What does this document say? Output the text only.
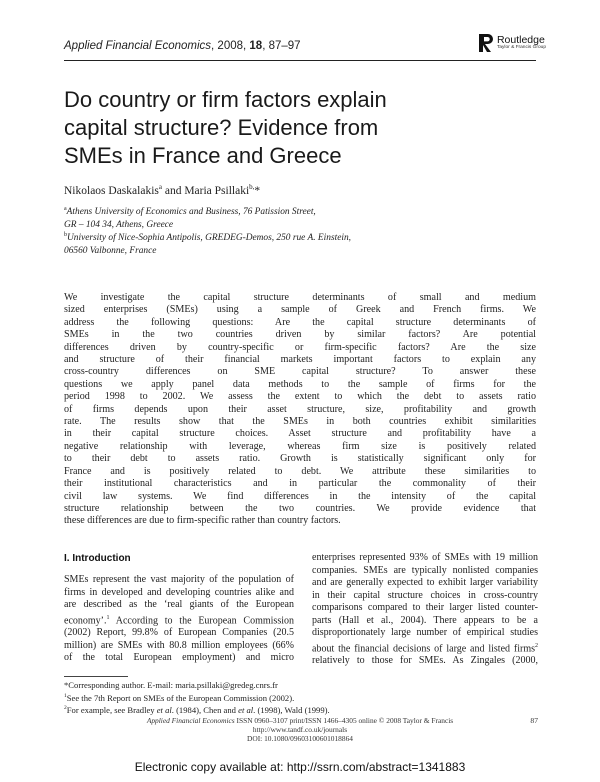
Applied Financial Economics, 2008, 18, 87–97
Routledge
Taylor & Francis Group
Do country or firm factors explain
capital structure? Evidence from
SMEs in France and Greece
Nikolaos Daskalakis$^a$ and Maria Psillaki$^{b,}$*
$^a$Athens University of Economics and Business, 76 Patission Street,
GR – 104 34, Athens, Greece
$^b$University of Nice-Sophia Antipolis, GREDEG-Demos, 250 rue A. Einstein,
06560 Valbonne, France
We investigate the capital structure determinants of small and medium
sized enterprises (SMEs) using a sample of Greek and French firms. We
address the following questions: Are the capital structure determinants of
SMEs in the two countries driven by similar factors? Are potential
differences driven by country-specific or firm-specific factors? Are the size
and structure of their financial markets important factors to explain any
cross-country differences on SME capital structure? To answer these
questions we apply panel data methods to the sample of firms for the
period 1998 to 2002. We assess the extent to which the debt to assets ratio
of firms depends upon their asset structure, size, profitability and growth
rate. The results show that the SMEs in both countries exhibit similarities
in their capital structure choices. Asset structure and profitability have a
negative relationship with leverage, whereas firm size is positively related
to their debt to assets ratio. Growth is statistically significant only for
France and is positively related to debt. We attribute these similarities to
their institutional characteristics and in particular the commonality of their
civil law systems. We find differences in the intensity of the capital
structure relationship between the two countries. We provide evidence that
these differences are due to firm-specific rather than country factors.
I. Introduction
SMEs represent the vast majority of the population of
firms in developed and developing countries alike and
are described as the ‘real giants of the European
economy’.$^1$ According to the European Commission
(2002) Report, 99.8% of European Companies (20.5
million) are SMEs with 80.8 million employees (66%
of the total European employment) and micro
enterprises represented 93% of SMEs with 19 million
companies. SMEs are typically nonlisted companies
and are generally expected to exhibit larger variability
in their capital structure choices in cross-country
comparisons compared to their larger listed counter-
parts (Hall et al., 2004). There appears to be a
disproportionately large number of empirical studies
about the financial decisions of large and listed firms$^2$
relatively to those for SMEs. As Zingales (2000,
*Corresponding author. E-mail: maria.psillaki@gredeg.cnrs.fr
$^1$See the 7th Report on SMEs of the European Commission (2002).
$^2$For example, see Bradley et al. (1984), Chen and et al. (1998), Wald (1999).
Applied Financial Economics ISSN 0960–3107 print/ISSN 1466–4305 online © 2008 Taylor & Francis
http://www.tandf.co.uk/journals
DOI: 10.1080/09603100601018864
87
Electronic copy available at: http://ssrn.com/abstract=1341883
